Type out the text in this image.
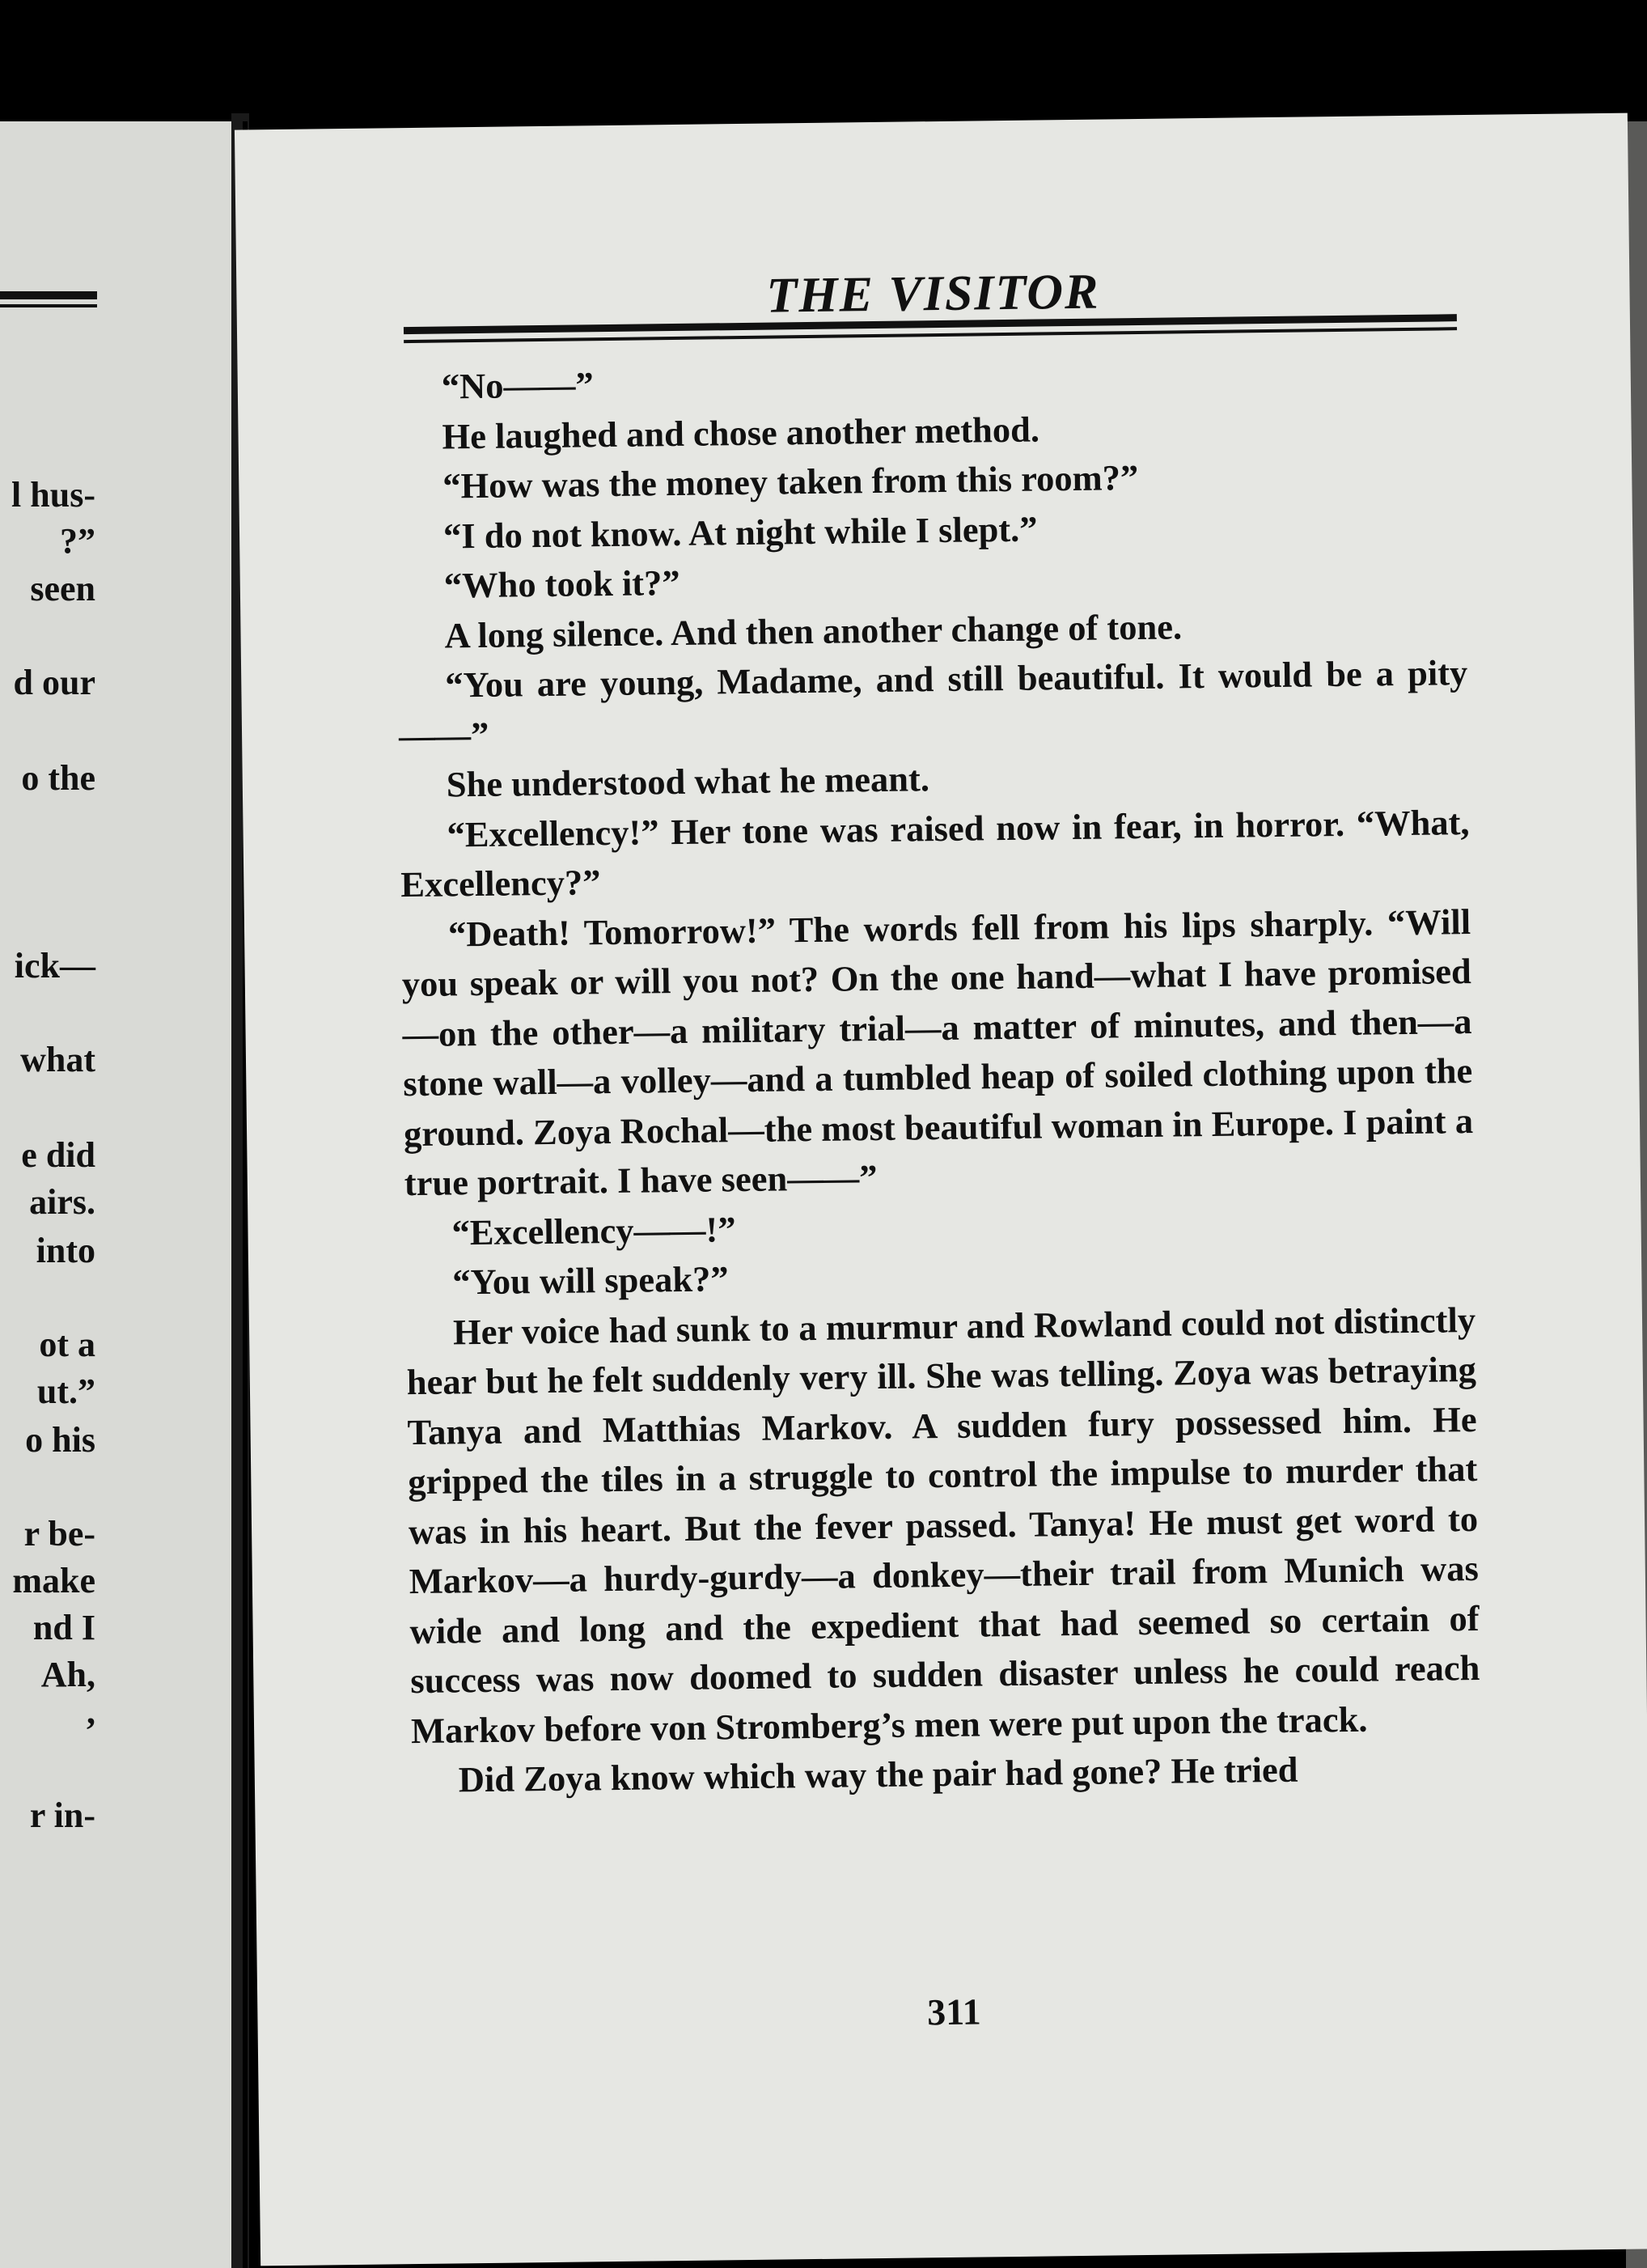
l hus-
?”
seen
d our
o the
ick—
what
e did
airs.
into
ot a
ut.”
o his
r be-
make
nd I
Ah,
,
r in-
THE VISITOR

“No——”

He laughed and chose another method.

“How was the money taken from this room?”

“I do not know. At night while I slept.”

“Who took it?”

A long silence. And then another change of tone.

“You are young, Madame, and still beautiful. It would be a pity——”

She understood what he meant.

“Excellency!” Her tone was raised now in fear, in horror. “What, Excellency?”

“Death! Tomorrow!” The words fell from his lips sharply. “Will you speak or will you not? On the one hand—what I have promised—on the other—a military trial—a matter of minutes, and then—a stone wall—a volley—and a tumbled heap of soiled clothing upon the ground. Zoya Rochal—the most beautiful woman in Europe. I paint a true portrait. I have seen——”

“Excellency——!”

“You will speak?”

Her voice had sunk to a murmur and Rowland could not distinctly hear but he felt suddenly very ill. She was telling. Zoya was betraying Tanya and Matthias Markov. A sudden fury possessed him. He gripped the tiles in a struggle to control the impulse to murder that was in his heart. But the fever passed. Tanya! He must get word to Markov—a hurdy-gurdy—a donkey—their trail from Munich was wide and long and the expedient that had seemed so certain of success was now doomed to sudden disaster unless he could reach Markov before von Stromberg’s men were put upon the track.

Did Zoya know which way the pair had gone? He tried

311
